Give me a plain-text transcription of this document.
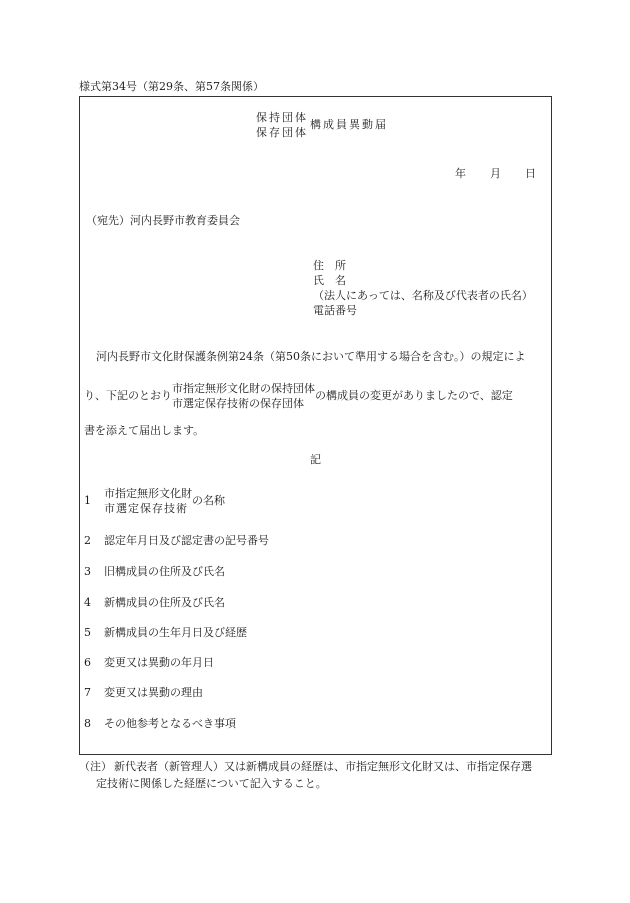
様式第34号（第29条、第57条関係）
保持団体
保存団体
構成員異動届
年 月 日
（宛先）河内長野市教育委員会
住　所
氏　名
（法人にあっては、名称及び代表者の氏名）
電話番号
河内長野市文化財保護条例第24条（第50条において準用する場合を含む。）の規定によ
り、下記のとおり
市指定無形文化財の保持団体
市選定保存技術の保存団体
の構成員の変更がありましたので、認定
書を添えて届出します。
記
1
市指定無形文化財
市選定保存技術
の名称
2 認定年月日及び認定書の記号番号
3 旧構成員の住所及び氏名
4 新構成員の住所及び氏名
5 新構成員の生年月日及び経歴
6 変更又は異動の年月日
7 変更又は異動の理由
8 その他参考となるべき事項
（注） 新代表者（新管理人）又は新構成員の経歴は、市指定無形文化財又は、市指定保存選
定技術に関係した経歴について記入すること。
